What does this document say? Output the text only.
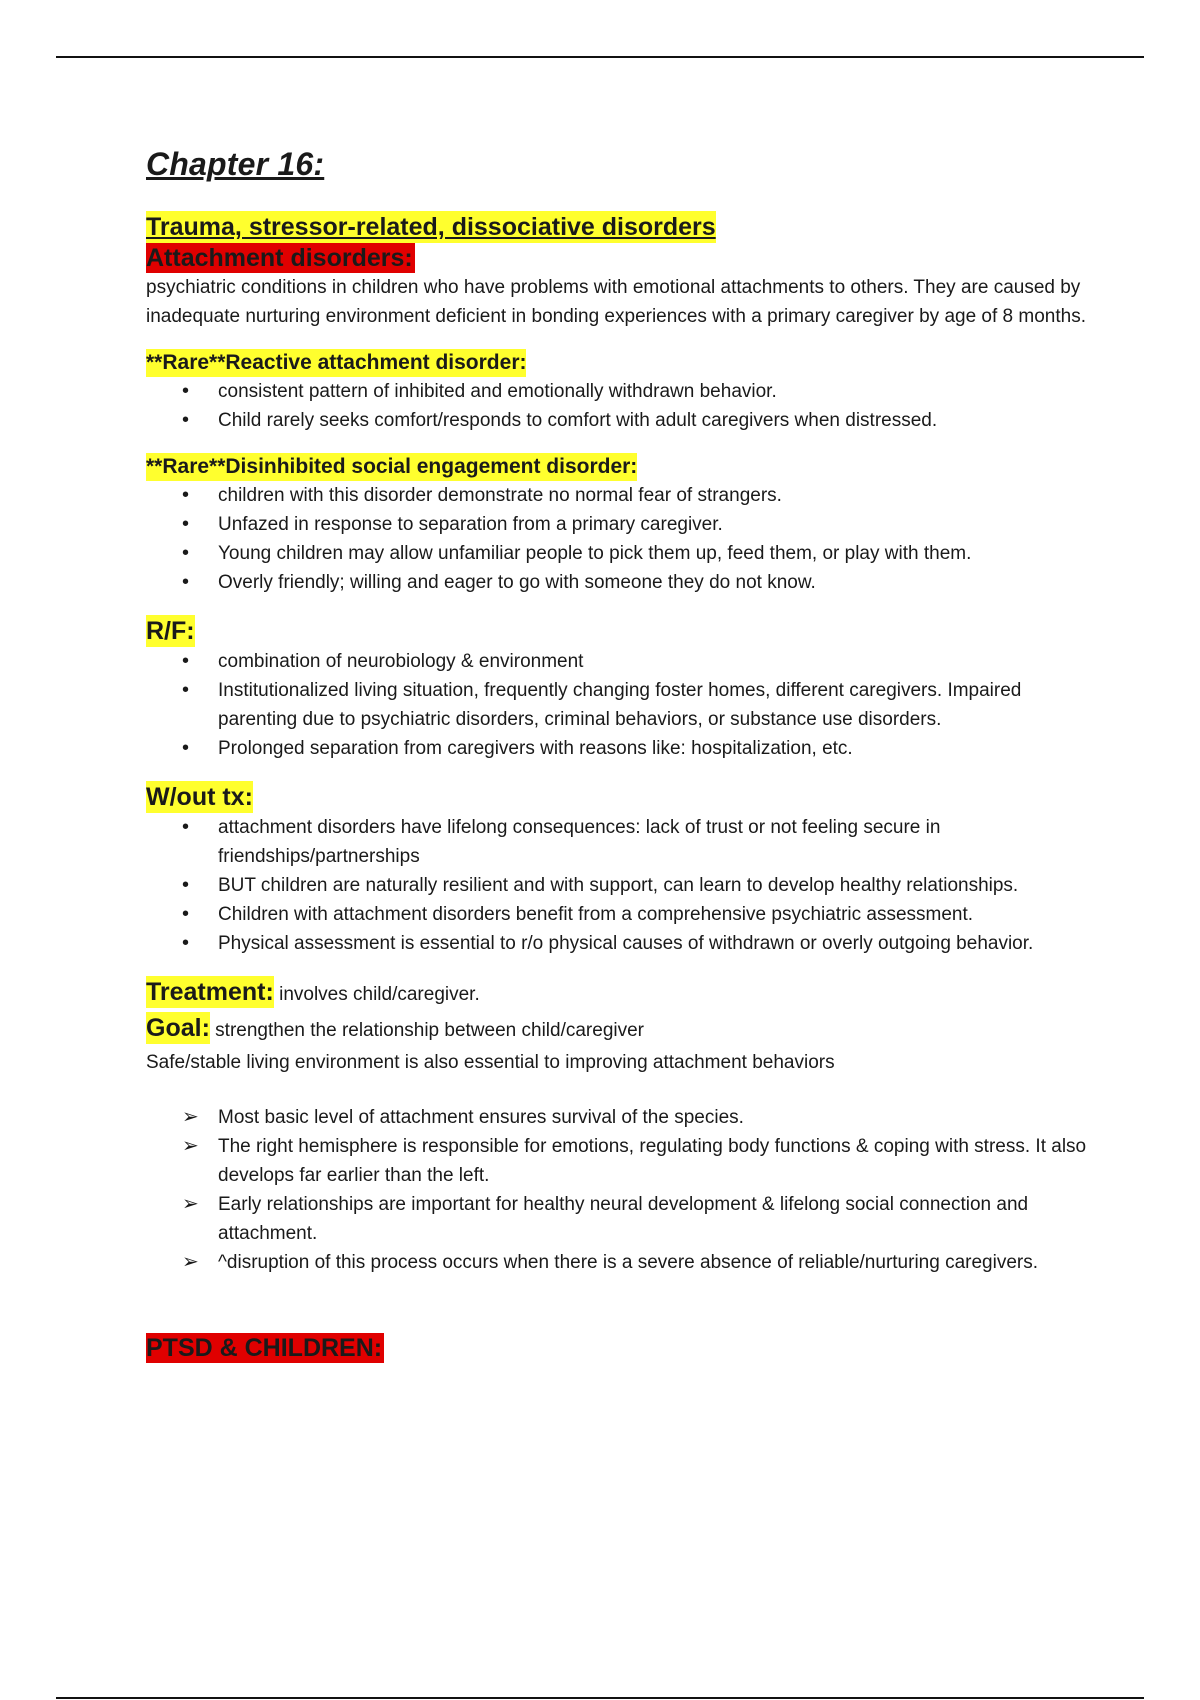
Chapter 16:
Trauma, stressor-related, dissociative disorders
Attachment disorders:

psychiatric conditions in children who have problems with emotional attachments to others. They are caused by inadequate nurturing environment deficient in bonding experiences with a primary caregiver by age of 8 months.

**Rare**Reactive attachment disorder:
• consistent pattern of inhibited and emotionally withdrawn behavior.
• Child rarely seeks comfort/responds to comfort with adult caregivers when distressed.
**Rare**Disinhibited social engagement disorder:
• children with this disorder demonstrate no normal fear of strangers.
• Unfazed in response to separation from a primary caregiver.
• Young children may allow unfamiliar people to pick them up, feed them, or play with them.
• Overly friendly; willing and eager to go with someone they do not know.
R/F:
• combination of neurobiology & environment
• Institutionalized living situation, frequently changing foster homes, different caregivers. Impaired parenting due to psychiatric disorders, criminal behaviors, or substance use disorders.
• Prolonged separation from caregivers with reasons like: hospitalization, etc.
W/out tx:
• attachment disorders have lifelong consequences: lack of trust or not feeling secure in friendships/partnerships
• BUT children are naturally resilient and with support, can learn to develop healthy relationships.
• Children with attachment disorders benefit from a comprehensive psychiatric assessment.
• Physical assessment is essential to r/o physical causes of withdrawn or overly outgoing behavior.
Treatment: involves child/caregiver.
Goal: strengthen the relationship between child/caregiver

Safe/stable living environment is also essential to improving attachment behaviors

➢ Most basic level of attachment ensures survival of the species.
➢ The right hemisphere is responsible for emotions, regulating body functions & coping with stress. It also develops far earlier than the left.
➢ Early relationships are important for healthy neural development & lifelong social connection and attachment.
➢ ^disruption of this process occurs when there is a severe absence of reliable/nurturing caregivers.
PTSD & CHILDREN:
